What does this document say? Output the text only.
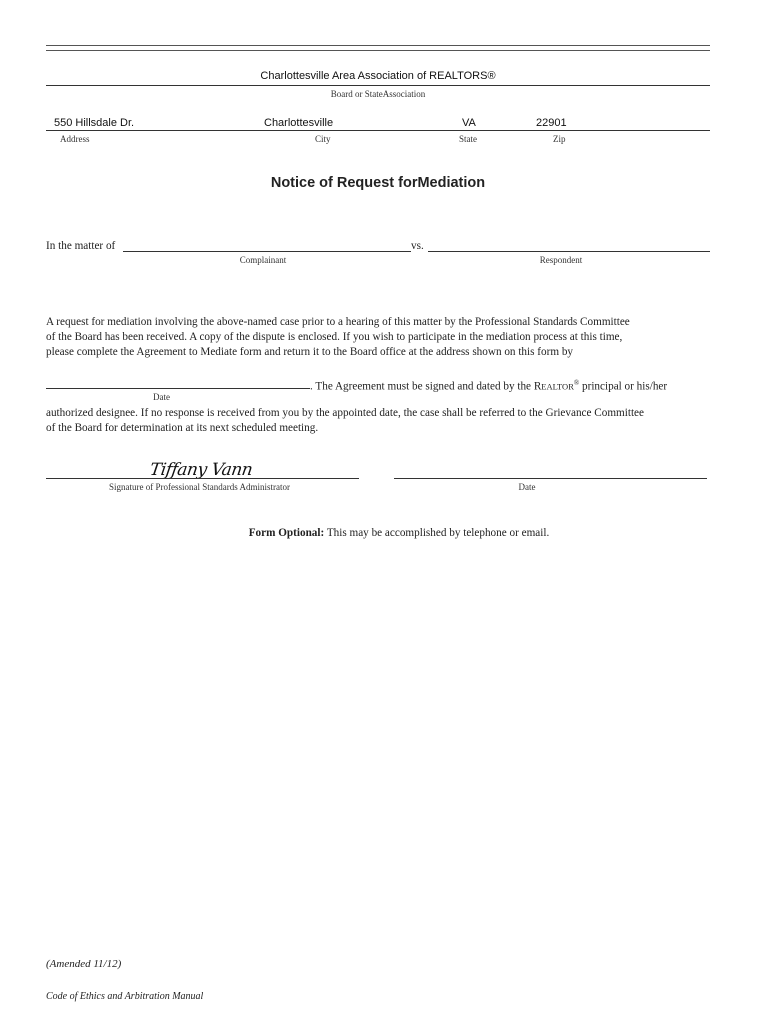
Charlottesville Area Association of REALTORS®
Board or StateAssociation
550 Hillsdale Dr.	Charlottesville	VA	22901
Address	City	State	Zip
Notice of Request forMediation
In the matter of	vs.
Complainant	Respondent
A request for mediation involving the above-named case prior to a hearing of this matter by the Professional Standards Committee
of the Board has been received. A copy of the dispute is enclosed. If you wish to participate in the mediation process at this time,
please complete the Agreement to Mediate form and return it to the Board office at the address shown on this form by
. The Agreement must be signed and dated by the REALTOR® principal or his/her
Date
authorized designee. If no response is received from you by the appointed date, the case shall be referred to the Grievance Committee
of the Board for determination at its next scheduled meeting.
Tiffany Vann
Signature of Professional Standards Administrator	Date
Form Optional: This may be accomplished by telephone or email.
(Amended 11/12)
Code of Ethics and Arbitration Manual
